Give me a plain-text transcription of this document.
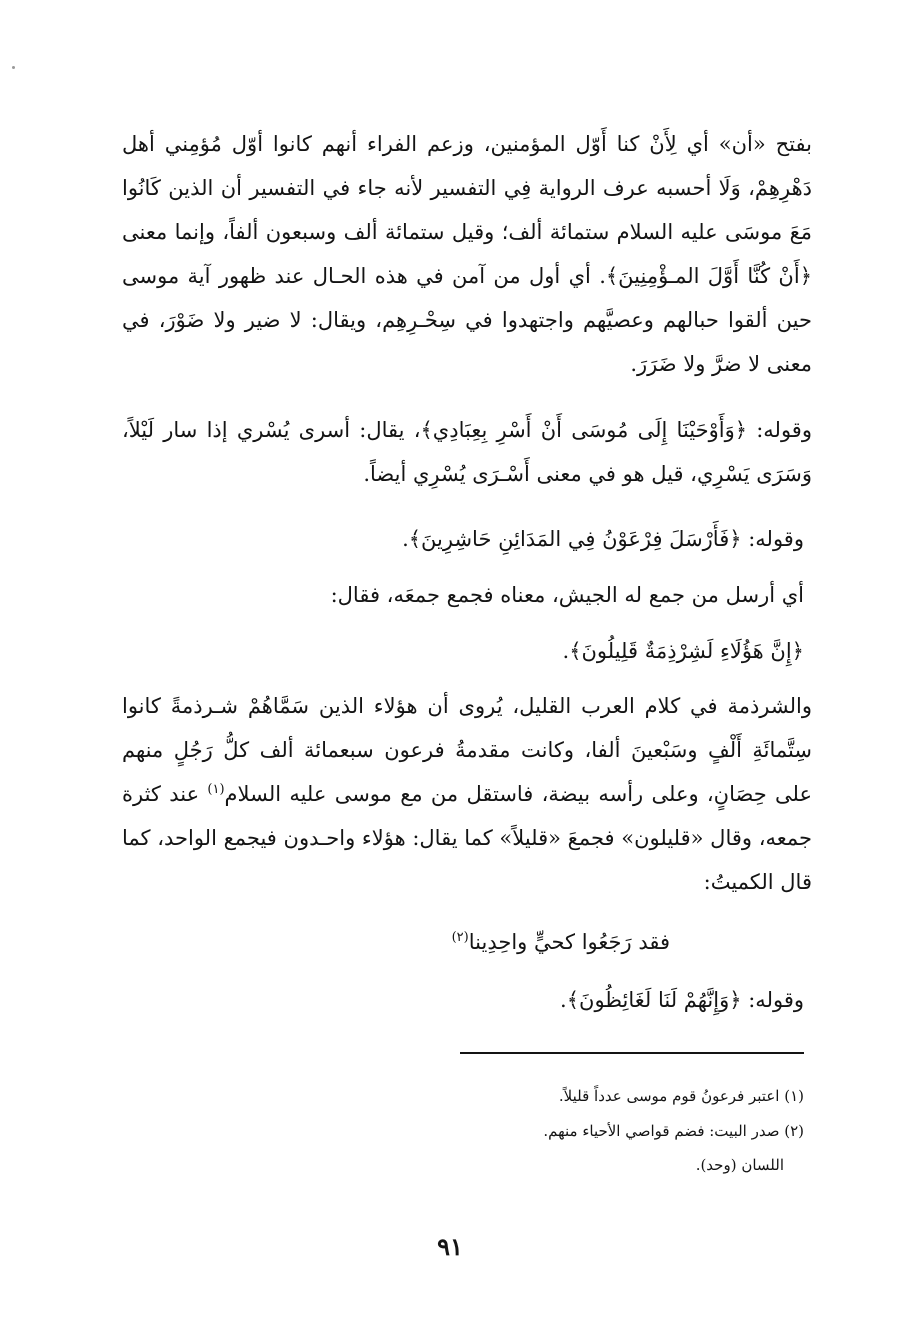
بفتح «أن» أي لِأَنْ كنا أَوّل المؤمنين، وزعم الفراء أنهم كانوا أوّل مُؤمِني أهل دَهْرِهِمْ، وَلَا أحسبه عرف الرواية فِي التفسير لأنه جاء في التفسير أن الذين كَانُوا مَعَ موسَى عليه السلام ستمائة ألف؛ وقيل ستمائة ألف وسبعون ألفاً، وإنما معنى ﴿أَنْ كُنَّا أَوَّلَ المـؤْمِنِينَ﴾. أي أول من آمن في هذه الحـال عند ظهور آية موسى حين ألقوا حبالهم وعصيَّهم واجتهدوا في سِحْـرِهِم، ويقال: لا ضير ولا ضَوْرَ، في معنى لا ضرَّ ولا ضَرَرَ.

وقوله: ﴿وَأَوْحَيْنَا إِلَى مُوسَى أَنْ أَسْرِ بِعِبَادِي﴾، يقال: أسرى يُسْري إذا سار لَيْلاً، وَسَرَى يَسْرِي، قيل هو في معنى أَسْـرَى يُسْرِي أيضاً.

وقوله: ﴿فَأَرْسَلَ فِرْعَوْنُ فِي المَدَائِنِ حَاشِرِينَ﴾.

أي أرسل من جمع له الجيش، معناه فجمع جمعَه، فقال:

﴿إِنَّ هَؤُلَاءِ لَشِرْذِمَةٌ قَلِيلُونَ﴾.

والشرذمة في كلام العرب القليل، يُروى أن هؤلاء الذين سَمَّاهُمْ شـرذمةً كانوا سِتَّمائَةِ أَلْفٍ وسَبْعينَ ألفا، وكانت مقدمةُ فرعون سبعمائة ألف كلُّ رَجُلٍ منهم على حِصَانٍ، وعلى رأسه بيضة، فاستقل من مع موسى عليه السلام$^{(١)}$ عند كثرة جمعه، وقال «قليلون» فجمعَ «قليلاً» كما يقال: هؤلاء واحـدون فيجمع الواحد، كما قال الكميتُ:

فقد رَجَعُوا كحيٍّ واحِدِينا$^{(٢)}$

وقوله: ﴿وَإِنَّهُمْ لَنَا لَغَائِظُونَ﴾.

(١) اعتبر فرعونُ قوم موسى عدداً قليلاً.

(٢) صدر البيت: فضم قواصي الأحياء منهم.

اللسان (وحد).

٩١
